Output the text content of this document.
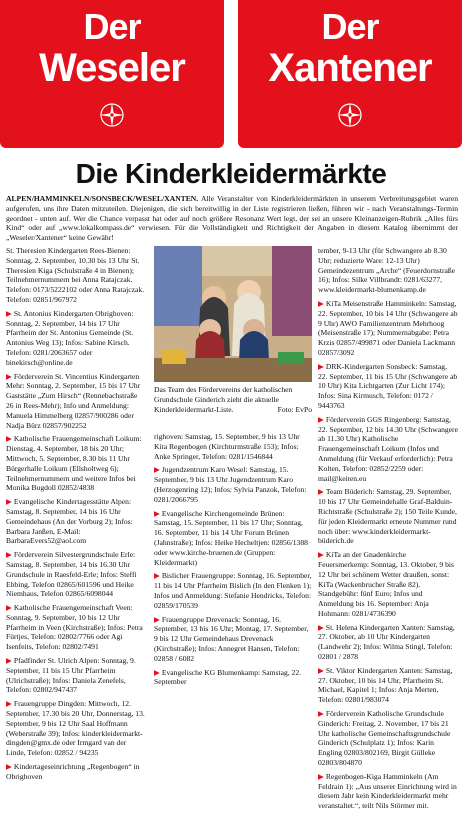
Der
Weseler
Der
Xantener
Die Kinderkleidermärkte
ALPEN/HAMMINKELN/SONSBECK/WESEL/XANTEN. Alle Veranstalter von Kinderkleidermärkten in unserem Verbreitungsgebiet waren aufgerufen, uns ihre Daten mitzuteilen. Diejenigen, die sich bereitwillig in der Liste registrieren ließen, führen wir - nach Veranstaltungs-Termin geordnet - unten auf. Wer die Chance verpasst hat oder auf noch größere Resonanz Wert legt, der sei an unsere Kleinanzeigen-Rubrik „Alles fürs Kind“ oder auf „www.lokalkompass.de“ verwiesen. Für die Vollständigkeit und Richtigkeit der Angaben in diesem Katalog übernimmt der „Weseler/Xantener“ keine Gewähr!
St. Theresien Kindergarten Rees-Bienen: Sonntag, 2. September, 10.30 bis 13 Uhr St. Theresien Kiga (Schulstraße 4 in Bienen); Teilnehmernummern bei Anna Ratajczak. Telefon: 0173/5222102 oder Anna Ratajczak. Telefon: 02851/967972
▶ St. Antonius Kindergarten Obrighoven: Sonntag, 2. September, 14 bis 17 Uhr Pfarrheim der St. Antonius Gemeinde (St. Antonius Weg 13); Infos: Sabine Kirsch. Telefon: 0281/2063657 oder binekirsch@online.de
▶ Förderverein St. Vincentius Kindergarten Mehr: Sonntag, 2. September, 15 bis 17 Uhr Gaststätte „Zum Hirsch“ (Rennebachstraße 26 in Rees-Mehr); Info und Anmeldung: Manuela Himmelberg 02857/900286 oder Nadja Bürz 02857/902252
▶ Katholische Frauengemeinschaft Loikum: Dienstag, 4. September, 18 bis 20 Uhr; Mittwoch, 5. September, 8.30 bis 11 Uhr Bürgerhalle Loikum (Ellsholtweg 6); Teilnehmernummern und weitere Infos bei Monika Bugdoll 02852/4838
▶ Evangelische Kindertagesstätte Alpen: Samstag, 8. September, 14 bis 16 Uhr Gemeindehaus (An der Vorburg 2); Infos: Barbara Janßen, E-Mail: BarbaraEvers52@aol.com
▶ Förderverein Silvestergrundschule Erle: Samstag, 8. September, 14 bis 16.30 Uhr Grundschule in Raesfeld-Erle; Infos: Steffi Ebbing, Telefon 02865/601596 und Heike Niemhaus, Telefon 02865/6098044
▶ Katholische Frauengemeinschaft Veen: Sonntag, 9. September, 10 bis 12 Uhr Pfarrheim in Veen (Kirchstraße); Infos: Petra Fürtjes, Telefon: 02802/7766 oder Agi Isenfeits, Telefon: 02802/7491
▶ Pfadfinder St. Ulrich Alpen: Sonntag, 9. September, 11 bis 15 Uhr Pfarrheim (Ulrichstraße); Infos: Daniela Zenefels, Telefon: 02802/947437
▶ Frauengruppe Dingden: Mittwoch, 12. September, 17.30 bis 20 Uhr, Donnerstag, 13. September, 9 bis 12 Uhr Saal Hoffmann (Weberstraße 39); Infos: kinderkleidermarkt-dingden@gmx.de oder Irmgard van der Linde, Telefon: 02852 / 94235
▶ Kindertageseinrichtung „Regenbogen“ in Obrighoven
Das Team des Fördervereins der katholischen Grundschule Ginderich zieht die aktuelle Kinderkleidermarkt-Liste.	Foto: EvPo
righoven: Samstag, 15. September, 9 bis 13 Uhr Kita Regenbogen (Kirchturmstraße 153); Infos: Anke Springer, Telefon: 0281/1546844
▶ Jugendzentrum Karo Wesel: Samstag, 15. September, 9 bis 13 Uhr Jugendzentrum Karo (Herzogenring 12); Infos: Sylvia Panzok, Telefon: 0281/2066795
▶ Evangelische Kirchengemeinde Brünen: Samstag, 15. September, 11 bis 17 Uhr; Sonntag, 16. September, 11 bis 14 Uhr Forum Brünen (Jahnstraße); Infos: Heike Hecheltjen: 02856/1388 oder www.kirche-bruenen.de (Gruppen: Kleidermarkt)
▶ Bislicher Frauengruppe: Sonntag, 16. September, 11 bis 14 Uhr Pfarrheim Bislich (In den Flenken 1); Infos und Anmeldung: Stefanie Hendricks, Telefon: 02859/170539
▶ Frauengruppe Drevenack: Sonntag, 16. September, 13 bis 16 Uhr; Montag, 17. September, 9 bis 12 Uhr Gemeindehaus Drevenack (Kirchstraße); Infos: Annegret Hansen, Telefon: 02858 / 6082
▶ Evangelische KG Blumenkamp: Samstag, 22. September
tember, 9-13 Uhr (für Schwangere ab 8.30 Uhr; reduzierte Ware: 12-13 Uhr) Gemeindezentrum „Arche“ (Feuerdornstraße 16); Infos: Silke Villbrandt: 0281/63277, www.kleidermarkt-blumenkamp.de
▶ KiTa Meisenstraße Hamminkeln: Samstag, 22. September, 10 bis 14 Uhr (Schwangere ab 9 Uhr) AWO Familienzentrum Mehrhoog (Meisenstraße 17); Nummernabgabe: Petra Krzis 02857/499871 oder Daniela Lackmann 02857/3092
▶ DRK-Kindergarten Sonsbeck: Samstag, 22. September, 11 bis 15 Uhr (Schwangere ab 10 Uhr) Kita Lichtgarten (Zur Licht 174); Infos: Sina Kirmusch, Telefon: 0172 / 9443763
▶ Förderverein GGS Ringenberg: Samstag, 22. September, 12 bis 14.30 Uhr (Schwangere ab 11.30 Uhr) Katholische Frauengemeinschaft Loikum (Infos und Anmeldung (für Verkauf erforderlich): Petra Kolten, Telefon: 02852/2259 oder: mail@keiten.eu
▶ Team Büderich: Samstag, 29. September, 10 bis 17 Uhr Gemeindehalle Graf-Balduin-Richtstraße (Schulstraße 2); 150 Teile Kunde, für jeden Kleidermarkt erneute Nummer rund noch über: www.kinderkleidermarkt-büderich.de
▶ KiTa an der Gnadenkirche Feuersmerkemp: Sonntag, 13. Oktober, 9 bis 12 Uhr bei schönem Wetter draußen, sonst: KiTa (Wackenbrucher Straße 82). Standgebühr: fünf Euro; Infos und Anmeldung bis 16. September: Anja Hohmann: 0281/4736390
▶ St. Helena Kindergarten Xanten: Samstag, 27. Oktober, ab 10 Uhr Kindergarten (Landwehr 2); Infos: Wilma Stingl, Telefon: 02801 / 2878
▶ St. Viktor Kindergarten Xanten: Samstag, 27. Oktober, 10 bis 14 Uhr, Pfarrheim St. Michael, Kapitel 1; Infos: Anja Merten, Telefon: 02801/983074
▶ Förderverein Katholische Grundschule Ginderich: Freitag, 2. November, 17 bis 21 Uhr katholische Gemeinschaftsgrundschule Ginderich (Schulplatz 1); Infos: Karin Engling 02803/802169, Birgit Gülleke 02803/804870
▶ Regenbogen-Kiga Hamminkeln (Am Feldrain 1): „Aus unserer Einrichtung wird in diesem Jahr kein Kinderkleidermarkt mehr veranstaltet.“, teilt Nils Störmer mit.
